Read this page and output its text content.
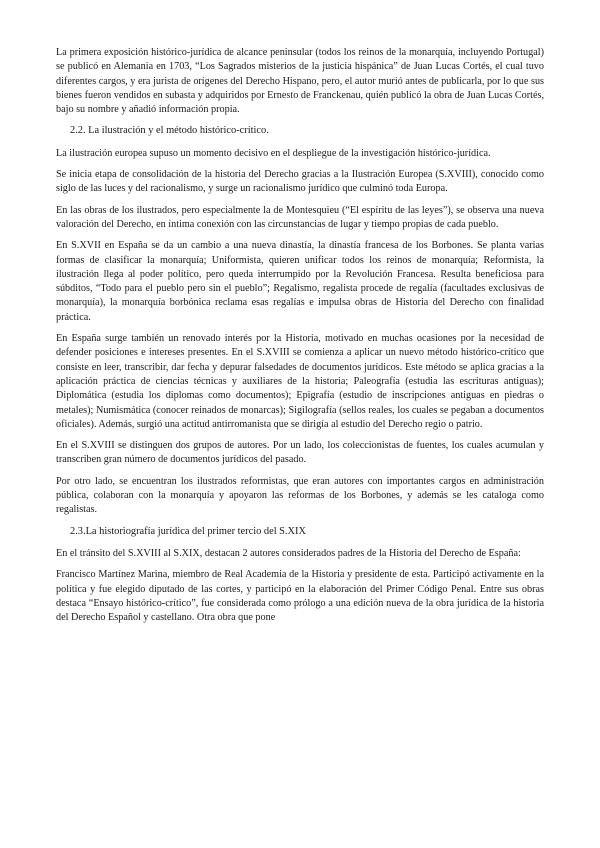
La primera exposición histórico-jurídica de alcance peninsular (todos los reinos de la monarquía, incluyendo Portugal) se publicó en Alemania en 1703, “Los Sagrados misterios de la justicia hispánica” de Juan Lucas Cortés, el cual tuvo diferentes cargos, y era jurista de orígenes del Derecho Hispano, pero, el autor murió antes de publicarla, por lo que sus bienes fueron vendidos en subasta y adquiridos por Ernesto de Franckenau, quién publicó la obra de Juan Lucas Cortés, bajo su nombre y añadió información propia.

2.2. La ilustración y el método histórico-crítico.

La ilustración europea supuso un momento decisivo en el despliegue de la investigación histórico-jurídica.

Se inicia etapa de consolidación de la historia del Derecho gracias a la Ilustración Europea (S.XVIII), conocido como siglo de las luces y del racionalismo, y surge un racionalismo jurídico que culminó toda Europa.

En las obras de los ilustrados, pero especialmente la de Montesquieu (“El espíritu de las leyes”), se observa una nueva valoración del Derecho, en íntima conexión con las circunstancias de lugar y tiempo propias de cada pueblo.

En S.XVII en España se da un cambio a una nueva dinastía, la dinastía francesa de los Borbones. Se planta varias formas de clasificar la monarquía; Uniformista, quieren unificar todos los reinos de monarquía; Reformista, la ilustración llega al poder político, pero queda interrumpido por la Revolución Francesa. Resulta beneficiosa para súbditos, “Todo para el pueblo pero sin el pueblo”; Regalismo, regalista procede de regalía (facultades exclusivas de monarquía), la monarquía borbónica reclama esas regalías e impulsa obras de Historia del Derecho con finalidad práctica.

En España surge también un renovado interés por la Historia, motivado en muchas ocasiones por la necesidad de defender posiciones e intereses presentes. En el S.XVIII se comienza a aplicar un nuevo método histórico-crítico que consiste en leer, transcribir, dar fecha y depurar falsedades de documentos jurídicos. Este método se aplica gracias a la aplicación práctica de ciencias técnicas y auxiliares de la historia; Paleografía (estudia las escrituras antiguas); Diplomática (estudia los diplomas como documentos); Epigrafía (estudio de inscripciones antiguas en piedras o metales); Numismática (conocer reinados de monarcas); Sigilografía (sellos reales, los cuales se pegaban a documentos oficiales). Además, surgió una actitud antirromanista que se dirigía al estudio del Derecho regio o patrio.

En el S.XVIII se distinguen dos grupos de autores. Por un lado, los coleccionistas de fuentes, los cuales acumulan y transcriben gran número de documentos jurídicos del pasado.

Por otro lado, se encuentran los ilustrados reformistas, que eran autores con importantes cargos en administración pública, colaboran con la monarquía y apoyaron las reformas de los Borbones, y además se les cataloga como regalistas.

2.3.La historiografía jurídica del primer tercio del S.XIX

En el tránsito del S.XVIII al S.XIX, destacan 2 autores considerados padres de la Historia del Derecho de España:

Francisco Martínez Marina, miembro de Real Academia de la Historia y presidente de esta. Participó activamente en la política y fue elegido diputado de las cortes, y participó en la elaboración del Primer Código Penal. Entre sus obras destaca “Ensayo histórico-crítico”, fue considerada como prólogo a una edición nueva de la obra jurídica de la historia del Derecho Español y castellano. Otra obra que pone
